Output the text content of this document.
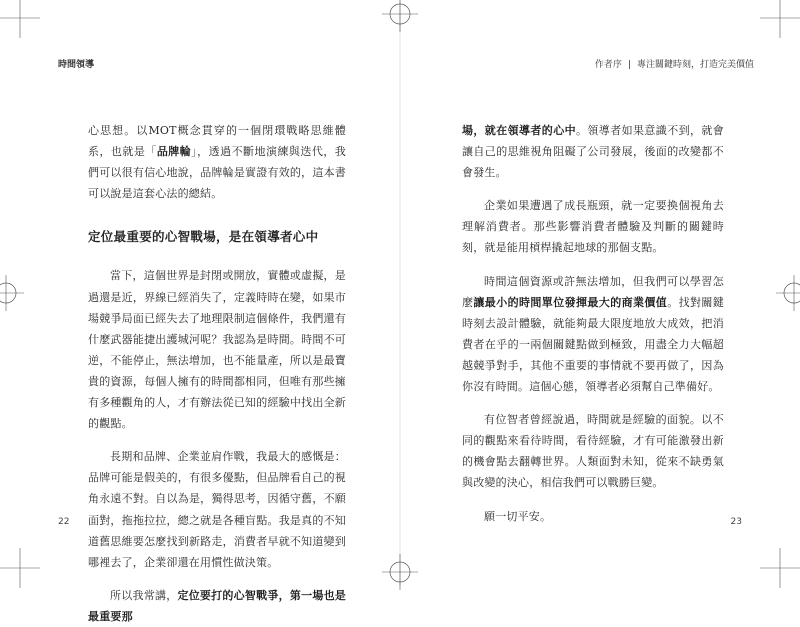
時間領導

心思想。以MOT概念貫穿的一個閉環戰略思維體系，也就是「品牌輪」，透過不斷地演練與迭代，我們可以很有信心地說，品牌輪是實證有效的，這本書可以說是這套心法的總結。

定位最重要的心智戰場，是在領導者心中

當下，這個世界是封閉或開放，實體或虛擬，是過還是近，界線已經消失了，定義時時在變，如果市場競爭局面已經失去了地理限制這個條件，我們還有什麼武器能捷出護城河呢？我認為是時間。時間不可逆，不能停止，無法增加，也不能量產，所以是最寶貴的資源，每個人擁有的時間都相同，但唯有那些擁有多種觀角的人，才有辦法從已知的經驗中找出全新的觀點。

長期和品牌、企業並肩作戰，我最大的感慨是：品牌可能是假美的，有很多優點，但品牌看自己的視角永遠不對。自以為是，獨得思考，因循守舊，不願面對，拖拖拉拉，總之就是各種盲點。我是真的不知道舊思維要怎麼找到新路走，消費者早就不知道變到哪裡去了，企業卻還在用慣性做決策。

所以我常講，定位要打的心智戰爭，第一場也是最重要那

22
作者序 | 專注關鍵時刻，打造完美價值

場，就在領導者的心中。領導者如果意識不到，就會讓自己的思維視角阻礙了公司發展，後面的改變都不會發生。

企業如果遭遇了成長瓶頸，就一定要換個視角去理解消費者。那些影響消費者體驗及判斷的關鍵時刻，就是能用槓桿撬起地球的那個支點。

時間這個資源或許無法增加，但我們可以學習怎麼讓最小的時間單位發揮最大的商業價值。找對關鍵時刻去設計體驗，就能夠最大限度地放大成效，把消費者在乎的一兩個關鍵點做到極致，用盡全力大幅超越競爭對手，其他不重要的事情就不要再做了，因為你沒有時間。這個心態，領導者必須幫自己準備好。

有位智者曾經說過，時間就是經驗的面貌。以不同的觀點來看待時間，看待經驗，才有可能激發出新的機會點去翻轉世界。人類面對未知，從來不缺勇氣與改變的決心，相信我們可以戰勝巨變。

願一切平安。	23
